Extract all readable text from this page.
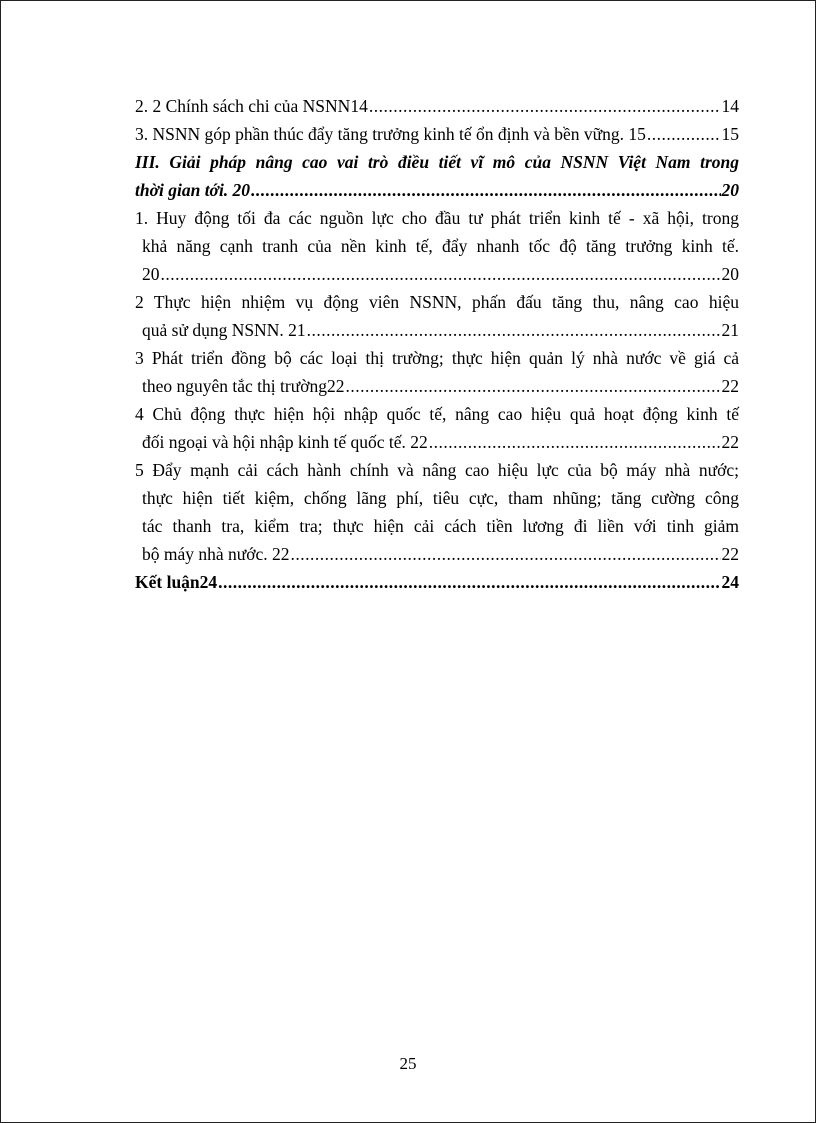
2. 2 Chính sách chi của NSNN14 .....	14
3. NSNN góp phần thúc đẩy tăng trưởng kinh tế ổn định và bền vững. 15 .....	15
III. Giải pháp nâng cao vai trò điều tiết vĩ mô của NSNN Việt Nam trong
thời gian tới. 20 .....	20
1. Huy động tối đa các nguồn lực cho đầu tư phát triển kinh tế - xã hội, trong
khả năng cạnh tranh của nền kinh tế, đẩy nhanh tốc độ tăng trưởng kinh tế.
20 .....	20
2 Thực hiện nhiệm vụ động viên NSNN, phấn đấu tăng thu, nâng cao hiệu
quả sử dụng NSNN. 21 .....	21
3 Phát triển đồng bộ các loại thị trường; thực hiện quản lý nhà nước về giá cả
theo nguyên tắc thị trường22 .....	22
4 Chủ động thực hiện hội nhập quốc tế, nâng cao hiệu quả hoạt động kinh tế
đối ngoại và hội nhập kinh tế quốc tế. 22 .....	22
5 Đẩy mạnh cải cách hành chính và nâng cao hiệu lực của bộ máy nhà nước;
thực hiện tiết kiệm, chống lãng phí, tiêu cực, tham nhũng; tăng cường công
tác thanh tra, kiểm tra; thực hiện cải cách tiền lương đi liền với tinh giảm
bộ máy nhà nước. 22 .....	22
Kết luận24 .....	24
25
